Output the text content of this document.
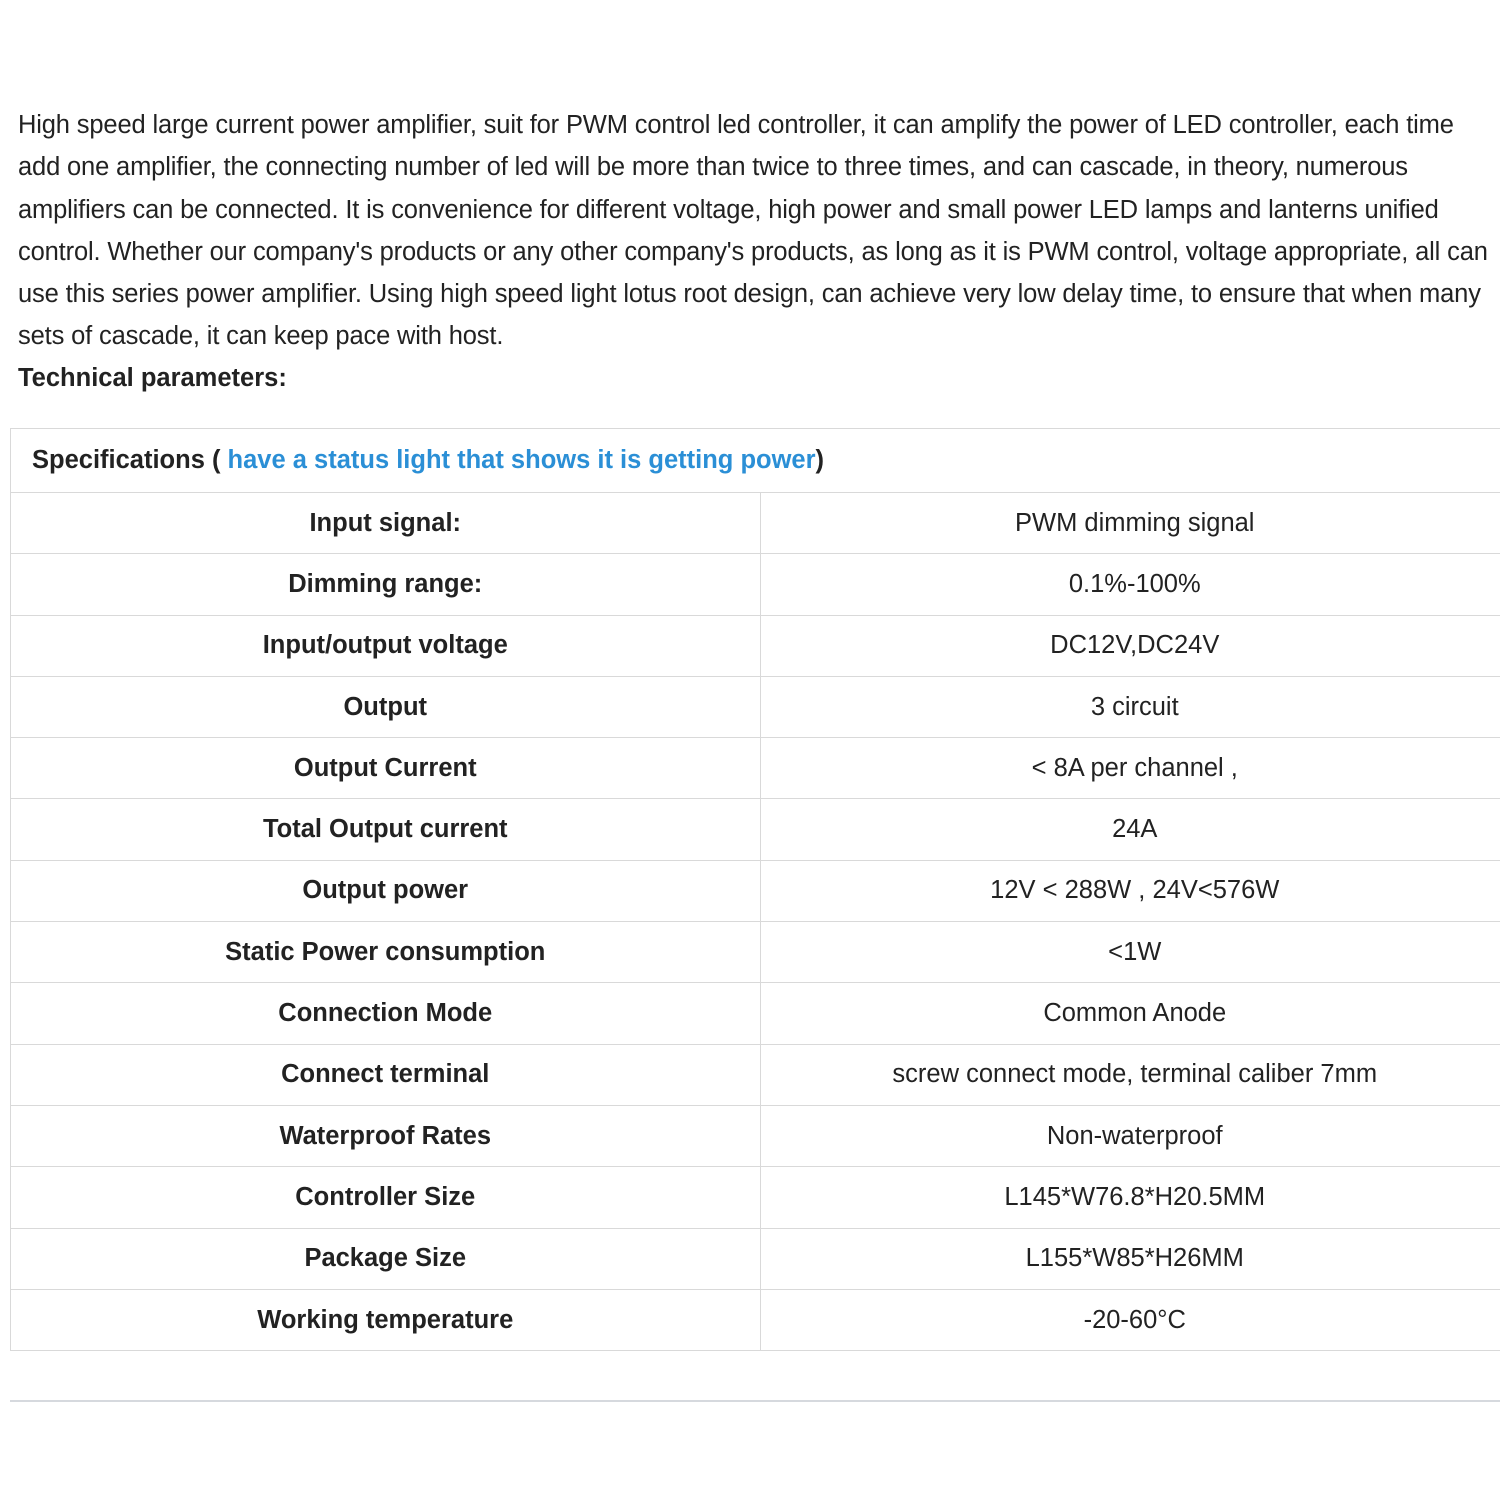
High speed large current power amplifier, suit for PWM control led controller, it can amplify the power of LED controller, each time add one amplifier, the connecting number of led will be more than twice to three times, and can cascade, in theory, numerous amplifiers can be connected. It is convenience for different voltage, high power and small power LED lamps and lanterns unified control. Whether our company's products or any other company's products, as long as it is PWM control, voltage appropriate, all can use this series power amplifier. Using high speed light lotus root design, can achieve very low delay time, to ensure that when many sets of cascade, it can keep pace with host.

Technical parameters:

Specifications ( have a status light that shows it is getting power)	
Input signal:	PWM dimming signal
Dimming range:	0.1%-100%
Input/output voltage	DC12V,DC24V
Output	3 circuit
Output Current	< 8A per channel ,
Total Output current	24A
Output power	12V < 288W , 24V<576W
Static Power consumption	<1W
Connection Mode	Common Anode
Connect terminal	screw connect mode, terminal caliber 7mm
Waterproof Rates	Non-waterproof
Controller Size	L145*W76.8*H20.5MM
Package Size	L155*W85*H26MM
Working temperature	-20-60°C
